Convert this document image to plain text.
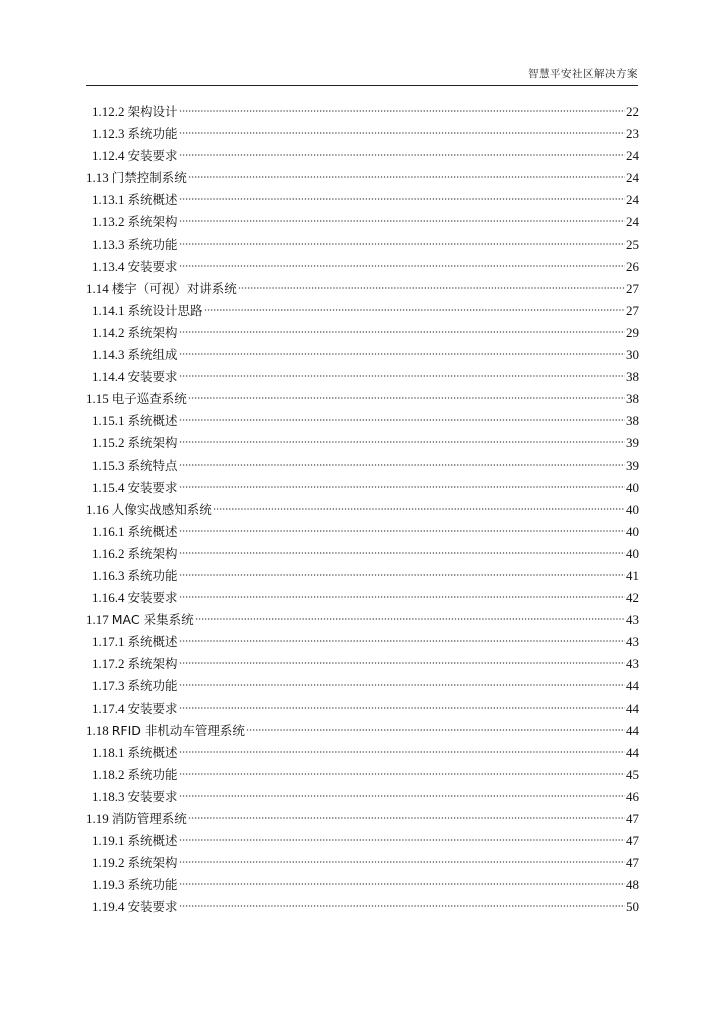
智慧平安社区解决方案
1.12.2 架构设计	22
1.12.3 系统功能	23
1.12.4 安装要求	24
1.13 门禁控制系统	24
1.13.1 系统概述	24
1.13.2 系统架构	24
1.13.3 系统功能	25
1.13.4 安装要求	26
1.14 楼宇（可视）对讲系统	27
1.14.1 系统设计思路	27
1.14.2 系统架构	29
1.14.3 系统组成	30
1.14.4 安装要求	38
1.15 电子巡查系统	38
1.15.1 系统概述	38
1.15.2 系统架构	39
1.15.3 系统特点	39
1.15.4 安装要求	40
1.16 人像实战感知系统	40
1.16.1 系统概述	40
1.16.2 系统架构	40
1.16.3 系统功能	41
1.16.4 安装要求	42
1.17 MAC 采集系统	43
1.17.1 系统概述	43
1.17.2 系统架构	43
1.17.3 系统功能	44
1.17.4 安装要求	44
1.18 RFID 非机动车管理系统	44
1.18.1 系统概述	44
1.18.2 系统功能	45
1.18.3 安装要求	46
1.19 消防管理系统	47
1.19.1 系统概述	47
1.19.2 系统架构	47
1.19.3 系统功能	48
1.19.4 安装要求	50
